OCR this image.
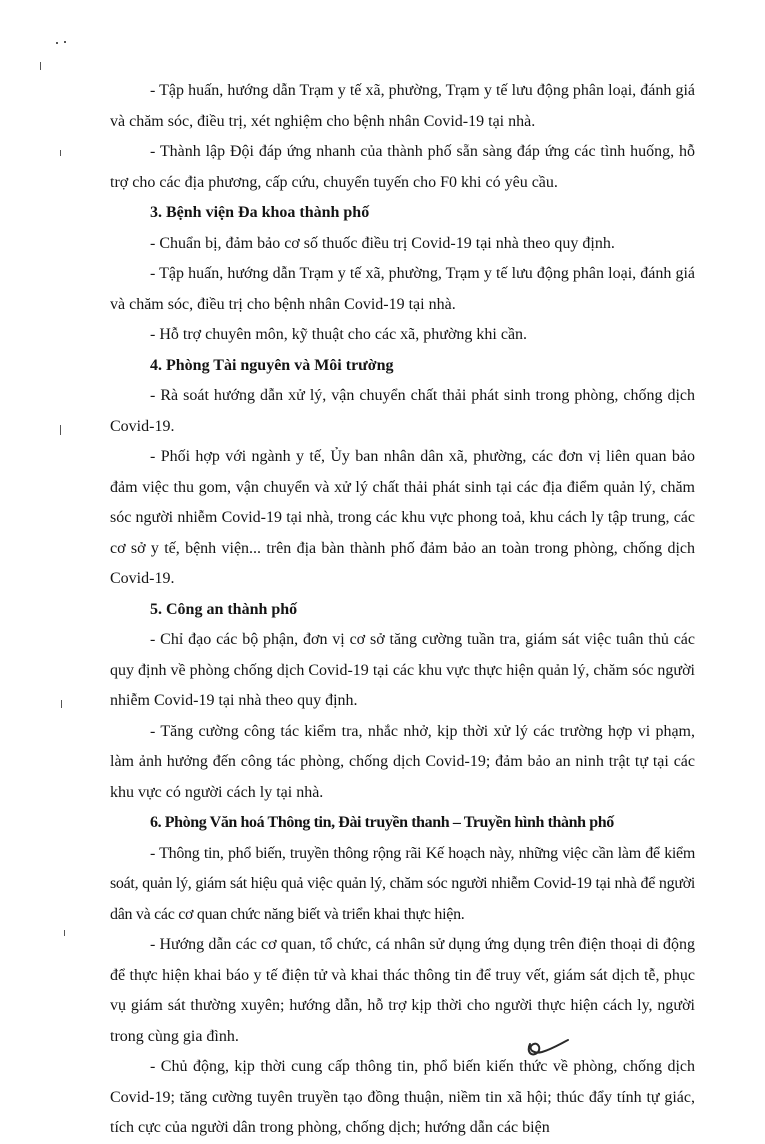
- Tập huấn, hướng dẫn Trạm y tế xã, phường, Trạm y tế lưu động phân loại, đánh giá và chăm sóc, điều trị, xét nghiệm cho bệnh nhân Covid-19 tại nhà.

- Thành lập Đội đáp ứng nhanh của thành phố sẵn sàng đáp ứng các tình huống, hỗ trợ cho các địa phương, cấp cứu, chuyển tuyến cho F0 khi có yêu cầu.

3. Bệnh viện Đa khoa thành phố

- Chuẩn bị, đảm bảo cơ số thuốc điều trị Covid-19 tại nhà theo quy định.

- Tập huấn, hướng dẫn Trạm y tế xã, phường, Trạm y tế lưu động phân loại, đánh giá và chăm sóc, điều trị cho bệnh nhân Covid-19 tại nhà.

- Hỗ trợ chuyên môn, kỹ thuật cho các xã, phường khi cần.

4. Phòng Tài nguyên và Môi trường

- Rà soát hướng dẫn xử lý, vận chuyển chất thải phát sinh trong phòng, chống dịch Covid-19.

- Phối hợp với ngành y tế, Ủy ban nhân dân xã, phường, các đơn vị liên quan bảo đảm việc thu gom, vận chuyển và xử lý chất thải phát sinh tại các địa điểm quản lý, chăm sóc người nhiễm Covid-19 tại nhà, trong các khu vực phong toả, khu cách ly tập trung, các cơ sở y tế, bệnh viện... trên địa bàn thành phố đảm bảo an toàn trong phòng, chống dịch Covid-19.

5. Công an thành phố

- Chỉ đạo các bộ phận, đơn vị cơ sở tăng cường tuần tra, giám sát việc tuân thủ các quy định về phòng chống dịch Covid-19 tại các khu vực thực hiện quản lý, chăm sóc người nhiễm Covid-19 tại nhà theo quy định.

- Tăng cường công tác kiểm tra, nhắc nhở, kịp thời xử lý các trường hợp vi phạm, làm ảnh hưởng đến công tác phòng, chống dịch Covid-19; đảm bảo an ninh trật tự tại các khu vực có người cách ly tại nhà.

6. Phòng Văn hoá Thông tin, Đài truyền thanh – Truyền hình thành phố

- Thông tin, phổ biến, truyền thông rộng rãi Kế hoạch này, những việc cần làm để kiểm soát, quản lý, giám sát hiệu quả việc quản lý, chăm sóc người nhiễm Covid-19 tại nhà để người dân và các cơ quan chức năng biết và triển khai thực hiện.

- Hướng dẫn các cơ quan, tổ chức, cá nhân sử dụng ứng dụng trên điện thoại di động để thực hiện khai báo y tế điện tử và khai thác thông tin để truy vết, giám sát dịch tễ, phục vụ giám sát thường xuyên; hướng dẫn, hỗ trợ kịp thời cho người thực hiện cách ly, người trong cùng gia đình.

- Chủ động, kịp thời cung cấp thông tin, phổ biến kiến thức về phòng, chống dịch Covid-19; tăng cường tuyên truyền tạo đồng thuận, niềm tin xã hội; thúc đẩy tính tự giác, tích cực của người dân trong phòng, chống dịch; hướng dẫn các biện
